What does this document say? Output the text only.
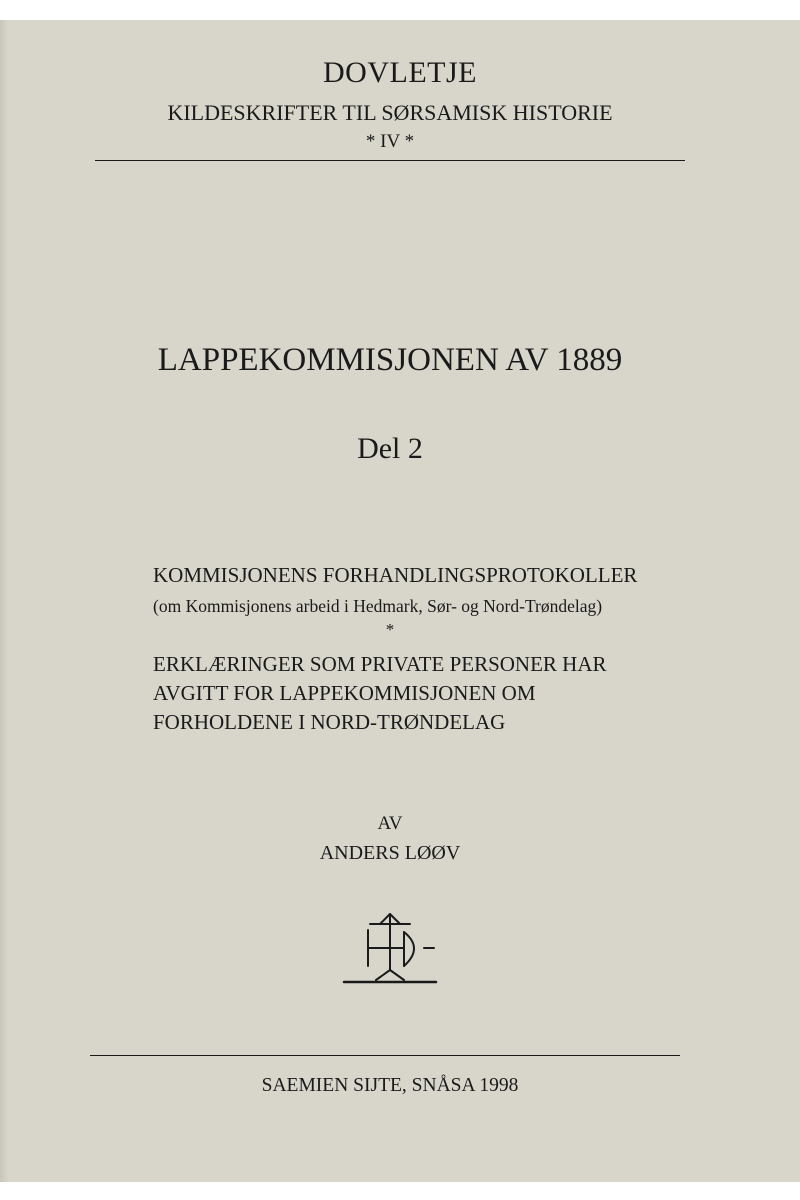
DOVLETJE
KILDESKRIFTER TIL SØRSAMISK HISTORIE
* IV *
LAPPEKOMMISJONEN AV 1889
Del 2
KOMMISJONENS FORHANDLINGSPROTOKOLLER
(om Kommisjonens arbeid i Hedmark, Sør- og Nord-Trøndelag)
*
ERKLÆRINGER SOM PRIVATE PERSONER HAR
AVGITT FOR LAPPEKOMMISJONEN OM
FORHOLDENE I NORD-TRØNDELAG
AV
ANDERS LØØV
SAEMIEN SIJTE, SNÅSA 1998
